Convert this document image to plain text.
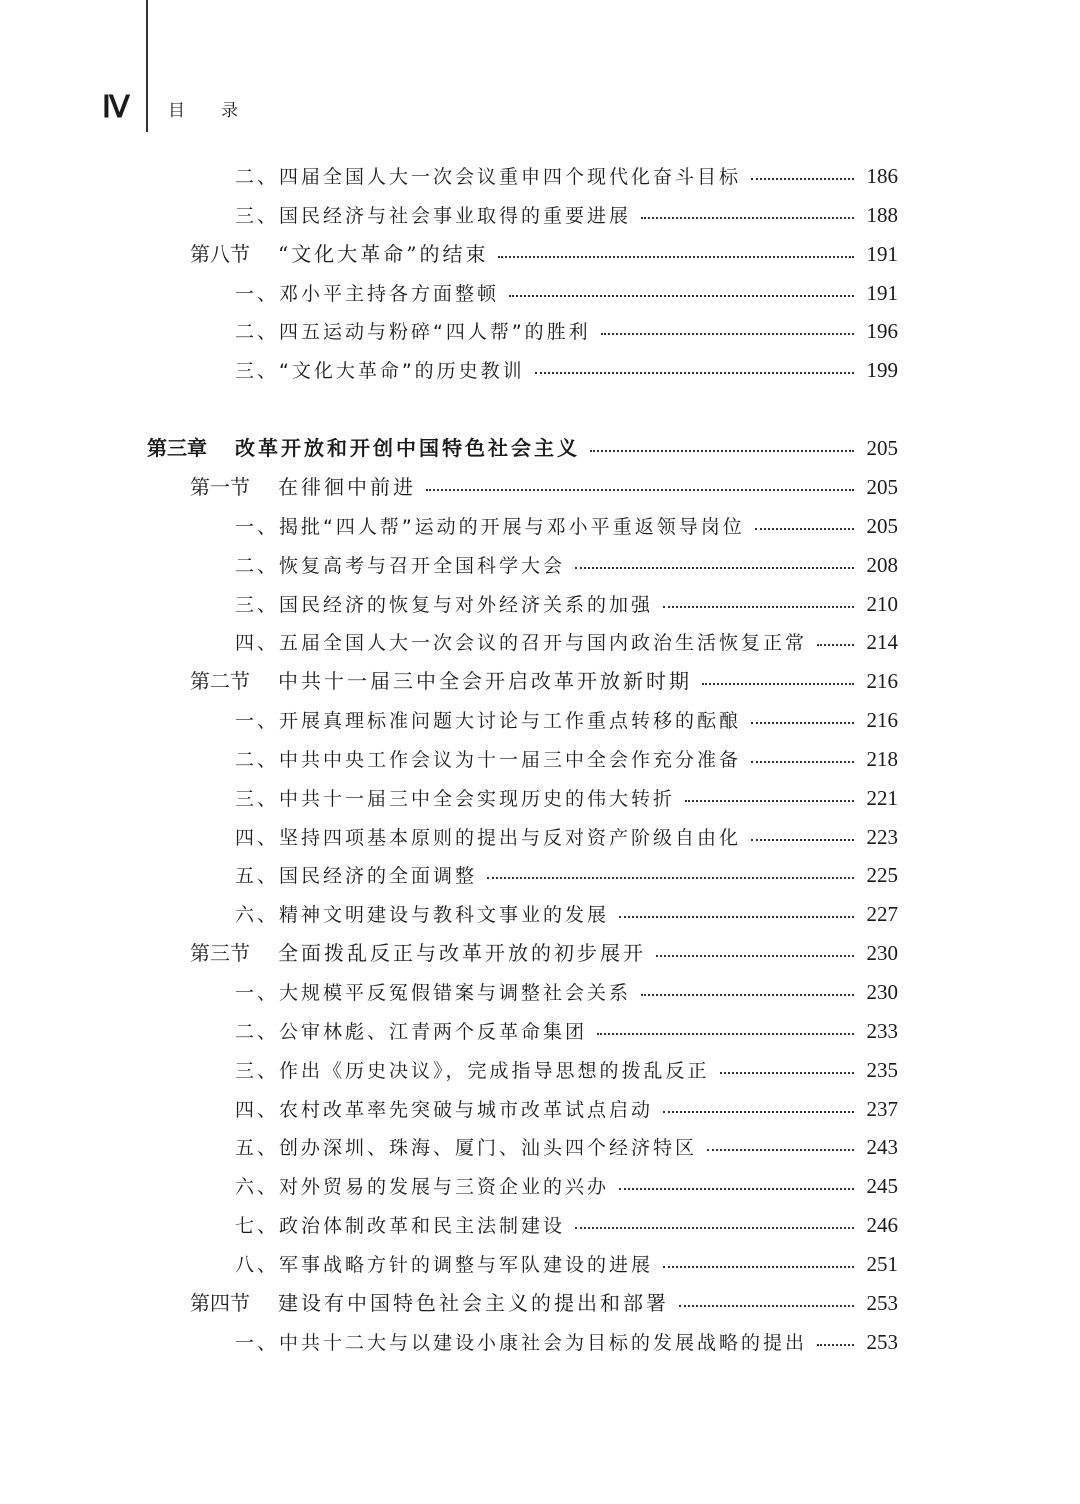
Ⅳ 目录
二、四届全国人大一次会议重申四个现代化奋斗目标	186
三、国民经济与社会事业取得的重要进展	188
第八节 “文化大革命”的结束	191
一、邓小平主持各方面整顿	191
二、四五运动与粉碎“四人帮”的胜利	196
三、“文化大革命”的历史教训	199
第三章 改革开放和开创中国特色社会主义	205
第一节 在徘徊中前进	205
一、揭批“四人帮”运动的开展与邓小平重返领导岗位	205
二、恢复高考与召开全国科学大会	208
三、国民经济的恢复与对外经济关系的加强	210
四、五届全国人大一次会议的召开与国内政治生活恢复正常	214
第二节 中共十一届三中全会开启改革开放新时期	216
一、开展真理标准问题大讨论与工作重点转移的酝酿	216
二、中共中央工作会议为十一届三中全会作充分准备	218
三、中共十一届三中全会实现历史的伟大转折	221
四、坚持四项基本原则的提出与反对资产阶级自由化	223
五、国民经济的全面调整	225
六、精神文明建设与教科文事业的发展	227
第三节 全面拨乱反正与改革开放的初步展开	230
一、大规模平反冤假错案与调整社会关系	230
二、公审林彪、江青两个反革命集团	233
三、作出《历史决议》，完成指导思想的拨乱反正	235
四、农村改革率先突破与城市改革试点启动	237
五、创办深圳、珠海、厦门、汕头四个经济特区	243
六、对外贸易的发展与三资企业的兴办	245
七、政治体制改革和民主法制建设	246
八、军事战略方针的调整与军队建设的进展	251
第四节 建设有中国特色社会主义的提出和部署	253
一、中共十二大与以建设小康社会为目标的发展战略的提出	253
